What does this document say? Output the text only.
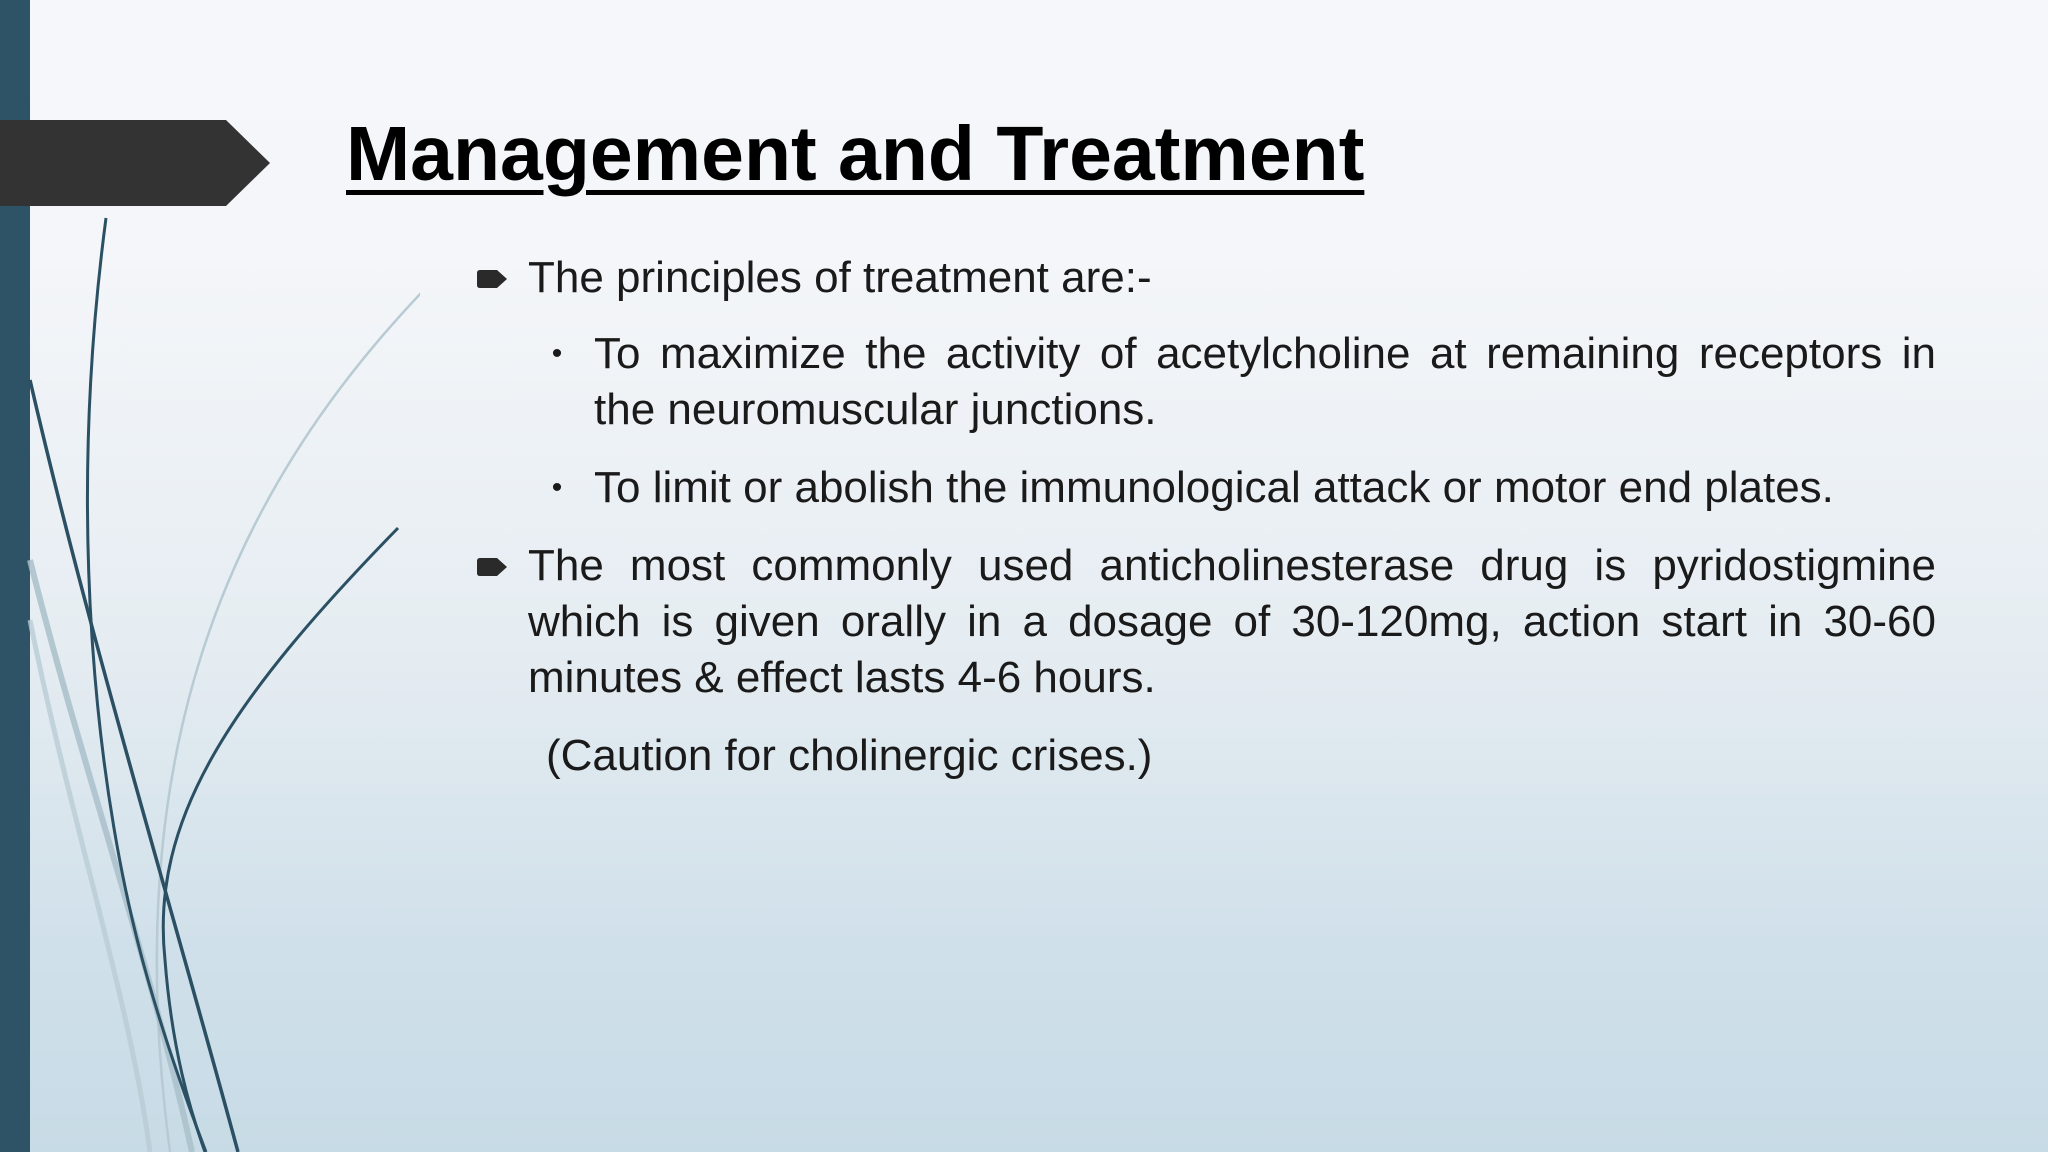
Management and Treatment
The principles of treatment are:-
• To maximize the activity of acetylcholine at remaining receptors in the neuromuscular junctions.
• To limit or abolish the immunological attack or motor end plates.
The most commonly used anticholinesterase drug is pyridostigmine which is given orally in a dosage of 30-120mg, action start in 30-60 minutes & effect lasts 4-6 hours.
(Caution for cholinergic crises.)
